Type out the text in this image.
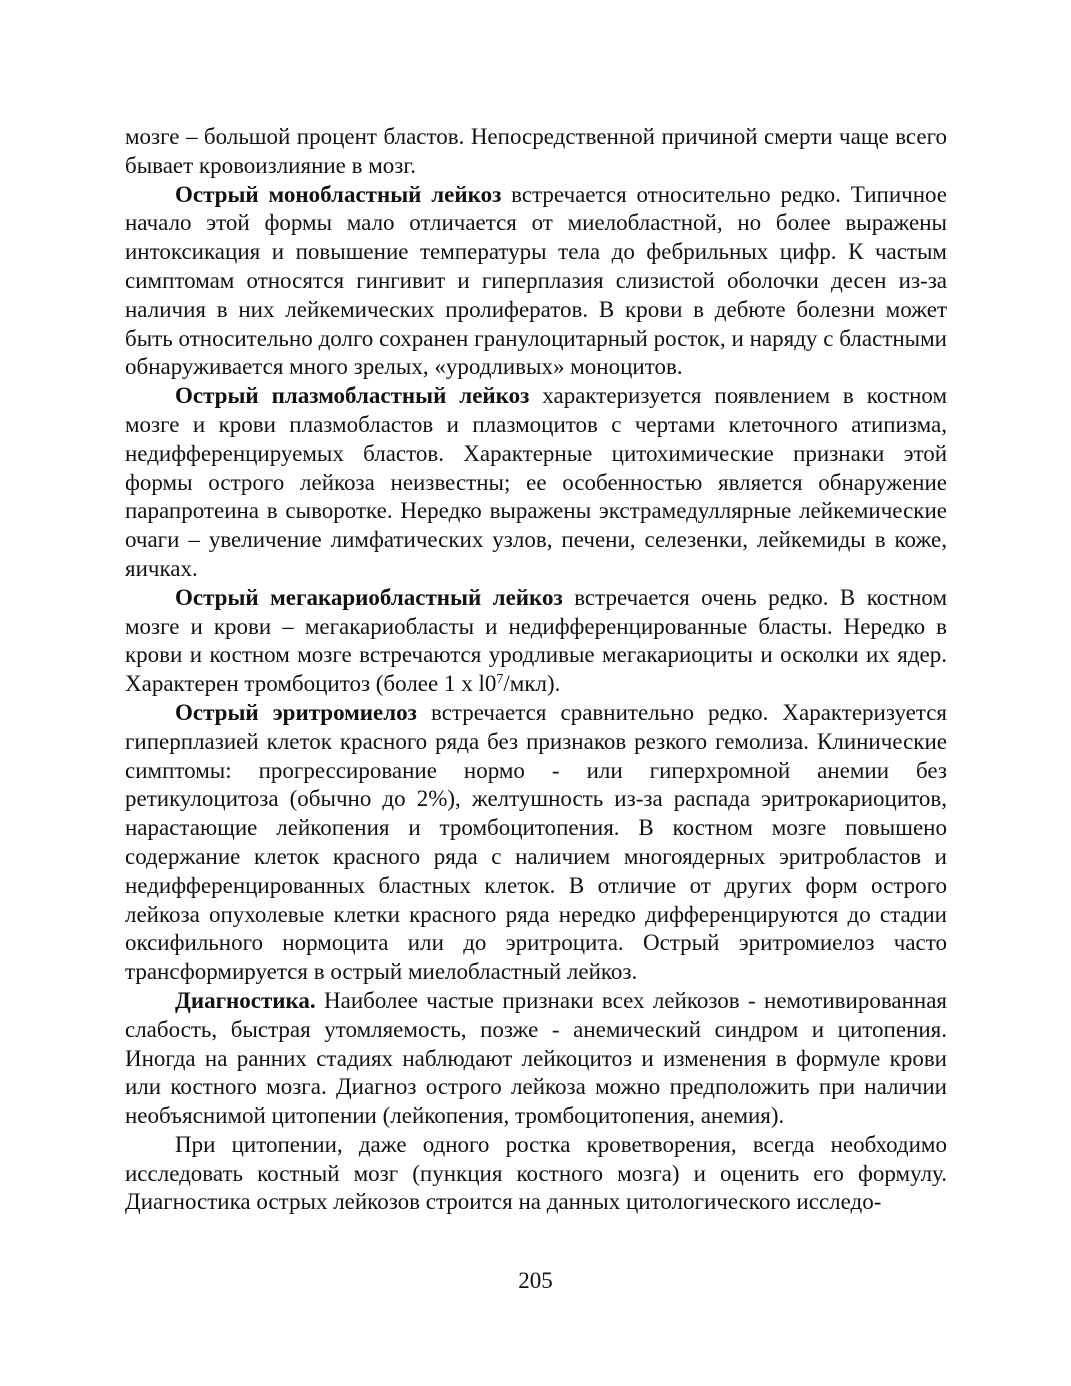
мозге – большой процент бластов. Непосредственной причиной смерти чаще всего бывает кровоизлияние в мозг.

Острый монобластный лейкоз встречается относительно редко. Типичное начало этой формы мало отличается от миелобластной, но более выражены интоксикация и повышение температуры тела до фебрильных цифр. К частым симптомам относятся гингивит и гиперплазия слизистой оболочки десен из-за наличия в них лейкемических пролифератов. В крови в дебюте болезни может быть относительно долго сохранен гранулоцитарный росток, и наряду с бластными обнаруживается много зрелых, «уродливых» моноцитов.

Острый плазмобластный лейкоз характеризуется появлением в костном мозге и крови плазмобластов и плазмоцитов с чертами клеточного атипизма, недифференцируемых бластов. Характерные цитохимические признаки этой формы острого лейкоза неизвестны; ее особенностью является обнаружение парапротеина в сыворотке. Нередко выражены экстрамедуллярные лейкемические очаги – увеличение лимфатических узлов, печени, селезенки, лейкемиды в коже, яичках.

Острый мегакариобластный лейкоз встречается очень редко. В костном мозге и крови – мегакариобласты и недифференцированные бласты. Нередко в крови и костном мозге встречаются уродливые мегакариоциты и осколки их ядер. Характерен тромбоцитоз (более 1 х $l0^7/мкл$).

Острый эритромиелоз встречается сравнительно редко. Характеризуется гиперплазией клеток красного ряда без признаков резкого гемолиза. Клинические симптомы: прогрессирование нормо - или гиперхромной анемии без ретикулоцитоза (обычно до 2%), желтушность из-за распада эритрокариоцитов, нарастающие лейкопения и тромбоцитопения. В костном мозге повышено содержание клеток красного ряда с наличием многоядерных эритробластов и недифференцированных бластных клеток. В отличие от других форм острого лейкоза опухолевые клетки красного ряда нередко дифференцируются до стадии оксифильного нормоцита или до эритроцита. Острый эритромиелоз часто трансформируется в острый миелобластный лейкоз.

Диагностика. Наиболее частые признаки всех лейкозов - немотивированная слабость, быстрая утомляемость, позже - анемический синдром и цитопения. Иногда на ранних стадиях наблюдают лейкоцитоз и изменения в формуле крови или костного мозга. Диагноз острого лейкоза можно предположить при наличии необъяснимой цитопении (лейкопения, тромбоцитопения, анемия).

При цитопении, даже одного ростка кроветворения, всегда необходимо исследовать костный мозг (пункция костного мозга) и оценить его формулу. Диагностика острых лейкозов строится на данных цитологического исследо-

205
